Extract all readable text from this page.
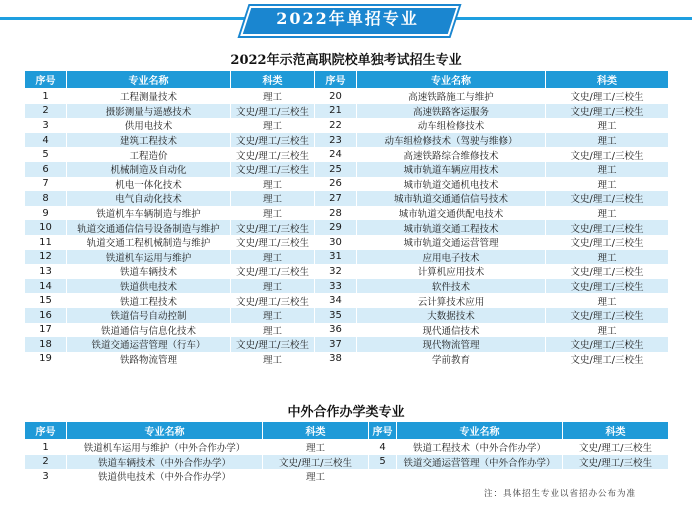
2022年单招专业
2022年示范高职院校单独考试招生专业
序号	专业名称	科类	序号	专业名称	科类
1	工程测量技术	理工	20	高速铁路施工与维护	文史/理工/三校生
2	摄影测量与遥感技术	文史/理工/三校生	21	高速铁路客运服务	文史/理工/三校生
3	供用电技术	理工	22	动车组检修技术	理工
4	建筑工程技术	文史/理工/三校生	23	动车组检修技术（驾驶与维修）	理工
5	工程造价	文史/理工/三校生	24	高速铁路综合维修技术	文史/理工/三校生
6	机械制造及自动化	文史/理工/三校生	25	城市轨道车辆应用技术	理工
7	机电一体化技术	理工	26	城市轨道交通机电技术	理工
8	电气自动化技术	理工	27	城市轨道交通通信信号技术	文史/理工/三校生
9	铁道机车车辆制造与维护	理工	28	城市轨道交通供配电技术	理工
10	轨道交通通信信号设备制造与维护	文史/理工/三校生	29	城市轨道交通工程技术	文史/理工/三校生
11	轨道交通工程机械制造与维护	文史/理工/三校生	30	城市轨道交通运营管理	文史/理工/三校生
12	铁道机车运用与维护	理工	31	应用电子技术	理工
13	铁道车辆技术	文史/理工/三校生	32	计算机应用技术	文史/理工/三校生
14	铁道供电技术	理工	33	软件技术	文史/理工/三校生
15	铁道工程技术	文史/理工/三校生	34	云计算技术应用	理工
16	铁道信号自动控制	理工	35	大数据技术	文史/理工/三校生
17	铁道通信与信息化技术	理工	36	现代通信技术	理工
18	铁道交通运营管理（行车）	文史/理工/三校生	37	现代物流管理	文史/理工/三校生
19	铁路物流管理	理工	38	学前教育	文史/理工/三校生
中外合作办学类专业
序号	专业名称	科类	序号	专业名称	科类
1	铁道机车运用与维护（中外合作办学）	理工	4	铁道工程技术（中外合作办学）	文史/理工/三校生
2	铁道车辆技术（中外合作办学）	文史/理工/三校生	5	铁道交通运营管理（中外合作办学）	文史/理工/三校生
3	铁道供电技术（中外合作办学）	理工			
注：具体招生专业以省招办公布为准
